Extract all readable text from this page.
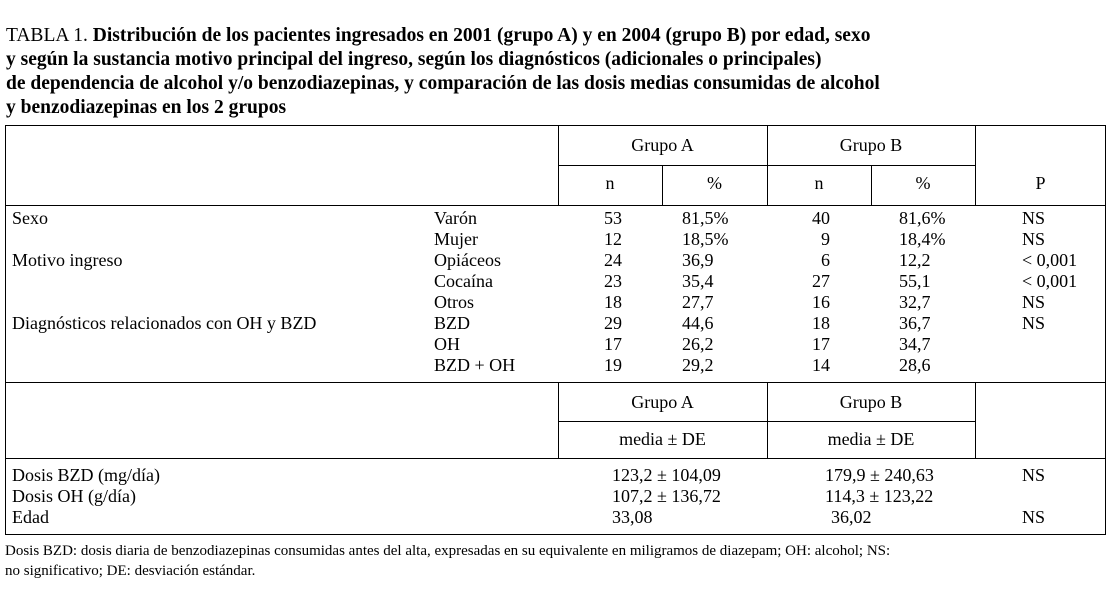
TABLA 1. Distribución de los pacientes ingresados en 2001 (grupo A) y en 2004 (grupo B) por edad, sexo
y según la sustancia motivo principal del ingreso, según los diagnósticos (adicionales o principales)
de dependencia de alcohol y/o benzodiazepinas, y comparación de las dosis medias consumidas de alcohol
y benzodiazepinas en los 2 grupos
Grupo A	Grupo B
n	%	n	%	P
Sexo	Varón	53	81,5%	40	81,6%	NS
Mujer	12	18,5%	9	18,4%	NS
Motivo ingreso	Opiáceos	24	36,9	6	12,2	< 0,001
Cocaína	23	35,4	27	55,1	< 0,001
Otros	18	27,7	16	32,7	NS
Diagnósticos relacionados con OH y BZD	BZD	29	44,6	18	36,7	NS
OH	17	26,2	17	34,7
BZD + OH	19	29,2	14	28,6
Grupo A	Grupo B
media ± DE	media ± DE
Dosis BZD (mg/día)	123,2 ± 104,09	179,9 ± 240,63	NS
Dosis OH (g/día)	107,2 ± 136,72	114,3 ± 123,22
Edad	33,08	36,02	NS
Dosis BZD: dosis diaria de benzodiazepinas consumidas antes del alta, expresadas en su equivalente en miligramos de diazepam; OH: alcohol; NS:
no significativo; DE: desviación estándar.
